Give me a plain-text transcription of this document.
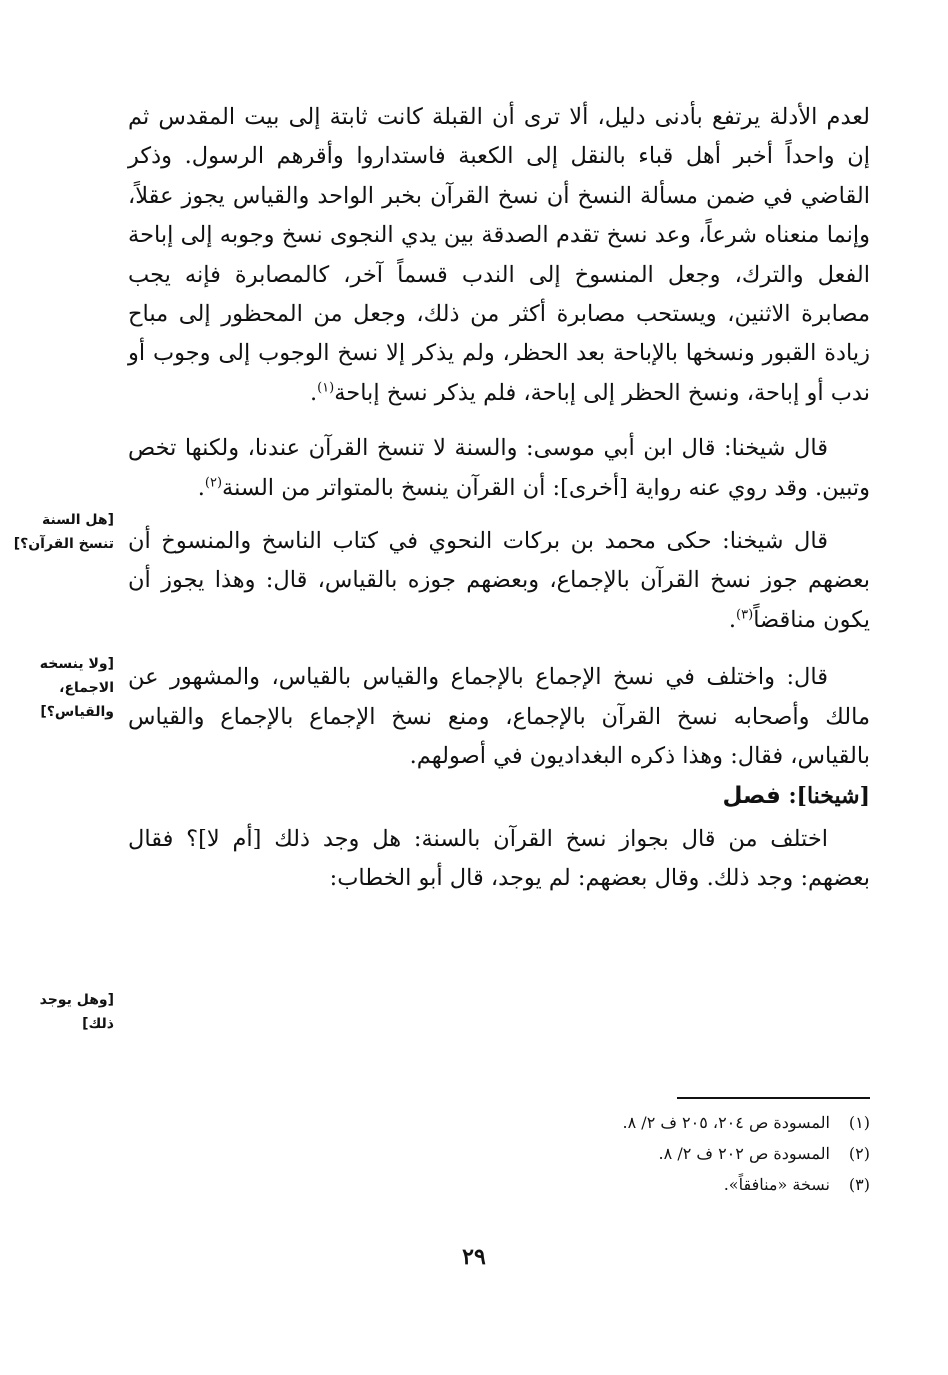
لعدم الأدلة يرتفع بأدنى دليل، ألا ترى أن القبلة كانت ثابتة إلى بيت المقدس ثم إن واحداً أخبر أهل قباء بالنقل إلى الكعبة فاستداروا وأقرهم الرسول. وذكر القاضي في ضمن مسألة النسخ أن نسخ القرآن بخبر الواحد والقياس يجوز عقلاً، وإنما منعناه شرعاً، وعد نسخ تقدم الصدقة بين يدي النجوى نسخ وجوبه إلى إباحة الفعل والترك، وجعل المنسوخ إلى الندب قسماً آخر، كالمصابرة فإنه يجب مصابرة الاثنين، ويستحب مصابرة أكثر من ذلك، وجعل من المحظور إلى مباح زيادة القبور ونسخها بالإباحة بعد الحظر، ولم يذكر إلا نسخ الوجوب إلى وجوب أو ندب أو إباحة، ونسخ الحظر إلى إباحة، فلم يذكر نسخ إباحة$^{(١)}$.

قال شيخنا: قال ابن أبي موسى: والسنة لا تنسخ القرآن عندنا، ولكنها تخص وتبين. وقد روي عنه رواية [أخرى]: أن القرآن ينسخ بالمتواتر من السنة$^{(٢)}$.

قال شيخنا: حكى محمد بن بركات النحوي في كتاب الناسخ والمنسوخ أن بعضهم جوز نسخ القرآن بالإجماع، وبعضهم جوزه بالقياس، قال: وهذا يجوز أن يكون مناقضاً$^{(٣)}$.

قال: واختلف في نسخ الإجماع بالإجماع والقياس بالقياس، والمشهور عن مالك وأصحابه نسخ القرآن بالإجماع، ومنع نسخ الإجماع بالإجماع والقياس بالقياس، فقال: وهذا ذكره البغداديون في أصولهم.

[شيخنا]: فصل

اختلف من قال بجواز نسخ القرآن بالسنة: هل وجد ذلك [أم لا]؟ فقال بعضهم: وجد ذلك. وقال بعضهم: لم يوجد، قال أبو الخطاب:

[هل السنة تنسخ القرآن؟]
[ولا ينسخه الاجماع، والقياس؟]
[وهل يوجد ذلك]

(١)المسودة ص ٢٠٤، ٢٠٥ ف ٢/ ٨.

(٢)المسودة ص ٢٠٢ ف ٢/ ٨.

(٣)نسخة «منافقاً».

٢٩
